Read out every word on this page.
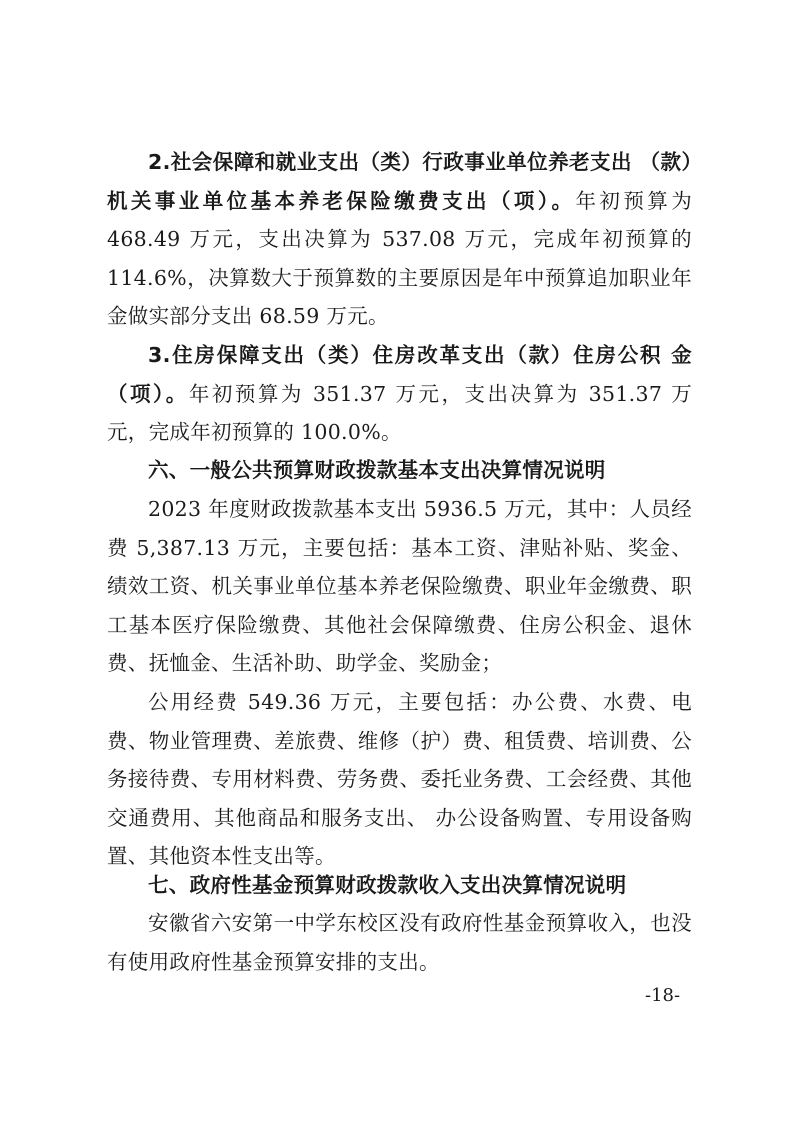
2.社会保障和就业支出（类）行政事业单位养老支出 （款）机关事业单位基本养老保险缴费支出（项）。年初预算为 468.49 万元，支出决算为 537.08 万元，完成年初预算的 114.6%，决算数大于预算数的主要原因是年中预算追加职业年金做实部分支出 68.59 万元。

3.住房保障支出（类）住房改革支出（款）住房公积 金（项）。年初预算为 351.37 万元，支出决算为 351.37 万 元，完成年初预算的 100.0%。

六、一般公共预算财政拨款基本支出决算情况说明

2023 年度财政拨款基本支出 5936.5 万元，其中：人员经费 5,387.13 万元，主要包括：基本工资、津贴补贴、奖金、绩效工资、机关事业单位基本养老保险缴费、职业年金缴费、职工基本医疗保险缴费、其他社会保障缴费、住房公积金、退休费、抚恤金、生活补助、助学金、奖励金；

公用经费 549.36 万元，主要包括：办公费、水费、电费、物业管理费、差旅费、维修（护）费、租赁费、培训费、公务接待费、专用材料费、劳务费、委托业务费、工会经费、其他交通费用、其他商品和服务支出、 办公设备购置、专用设备购置、其他资本性支出等。

七、政府性基金预算财政拨款收入支出决算情况说明

安徽省六安第一中学东校区没有政府性基金预算收入，也没有使用政府性基金预算安排的支出。

-18-
